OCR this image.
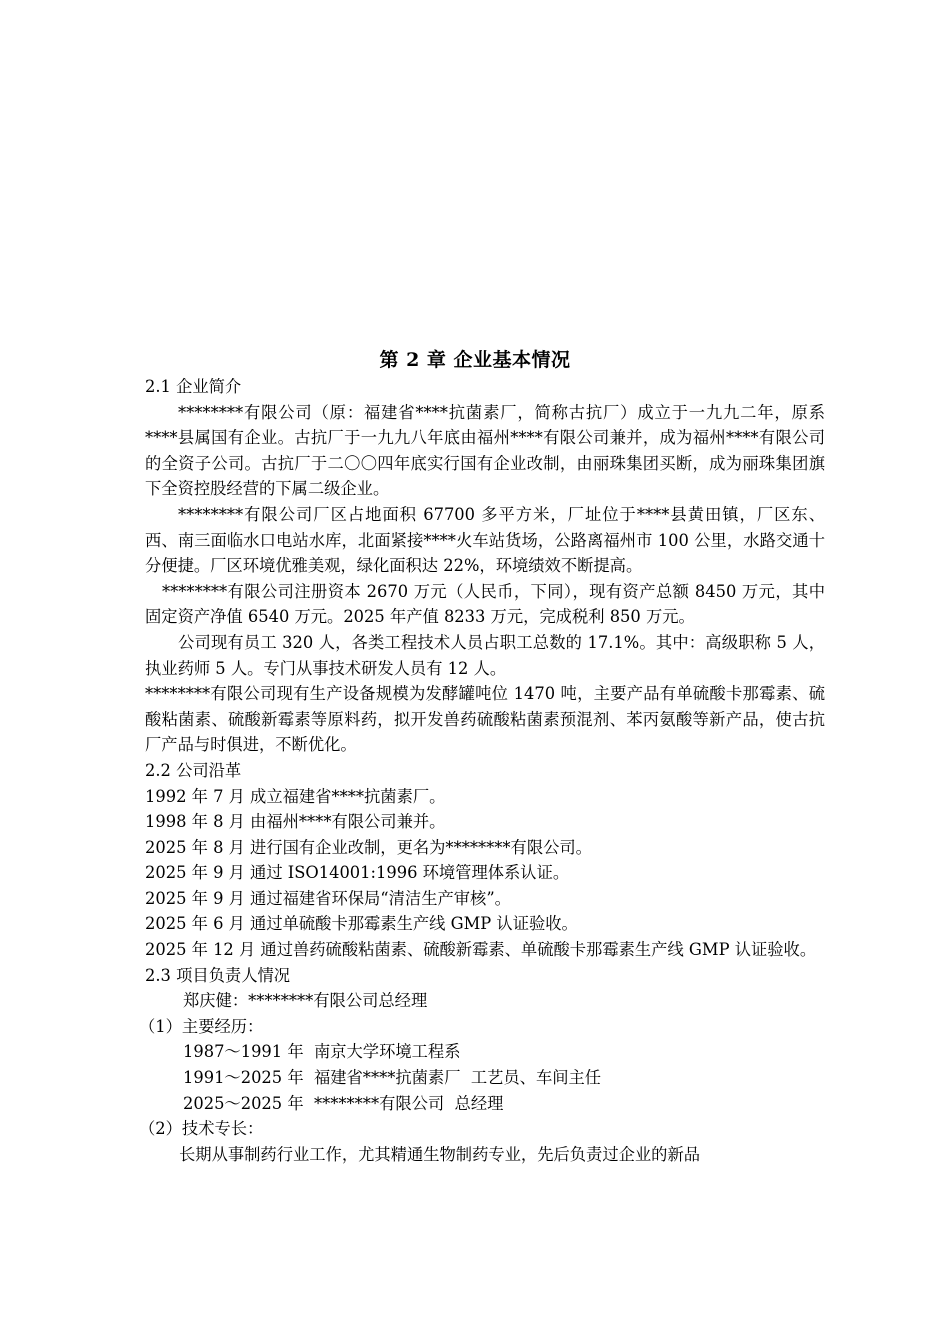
第 2 章 企业基本情况
2.1 企业简介
********有限公司（原：福建省****抗菌素厂，简称古抗厂）成立于一九九二年，原系****县属国有企业。古抗厂于一九九八年底由福州****有限公司兼并，成为福州****有限公司的全资子公司。古抗厂于二〇〇四年底实行国有企业改制，由丽珠集团买断，成为丽珠集团旗下全资控股经营的下属二级企业。
********有限公司厂区占地面积 67700 多平方米，厂址位于****县黄田镇，厂区东、西、南三面临水口电站水库，北面紧接****火车站货场，公路离福州市 100 公里，水路交通十分便捷。厂区环境优雅美观，绿化面积达 22%，环境绩效不断提高。
********有限公司注册资本 2670 万元（人民币，下同），现有资产总额 8450 万元，其中固定资产净值 6540 万元。2025 年产值 8233 万元，完成税利 850 万元。
公司现有员工 320 人，各类工程技术人员占职工总数的 17.1%。其中：高级职称 5 人，执业药师 5 人。专门从事技术研发人员有 12 人。
********有限公司现有生产设备规模为发酵罐吨位 1470 吨，主要产品有单硫酸卡那霉素、硫酸粘菌素、硫酸新霉素等原料药，拟开发兽药硫酸粘菌素预混剂、苯丙氨酸等新产品，使古抗厂产品与时俱进，不断优化。
2.2 公司沿革
1992 年 7 月 成立福建省****抗菌素厂。
1998 年 8 月 由福州****有限公司兼并。
2025 年 8 月 进行国有企业改制，更名为********有限公司。
2025 年 9 月 通过 ISO14001:1996 环境管理体系认证。
2025 年 9 月 通过福建省环保局“清洁生产审核”。
2025 年 6 月 通过单硫酸卡那霉素生产线 GMP 认证验收。
2025 年 12 月 通过兽药硫酸粘菌素、硫酸新霉素、单硫酸卡那霉素生产线 GMP 认证验收。
2.3 项目负责人情况
郑庆健：********有限公司总经理
（1）主要经历：
1987～1991 年  南京大学环境工程系
1991～2025 年  福建省****抗菌素厂  工艺员、车间主任
2025～2025 年  ********有限公司  总经理
（2）技术专长：
长期从事制药行业工作，尤其精通生物制药专业，先后负责过企业的新品
